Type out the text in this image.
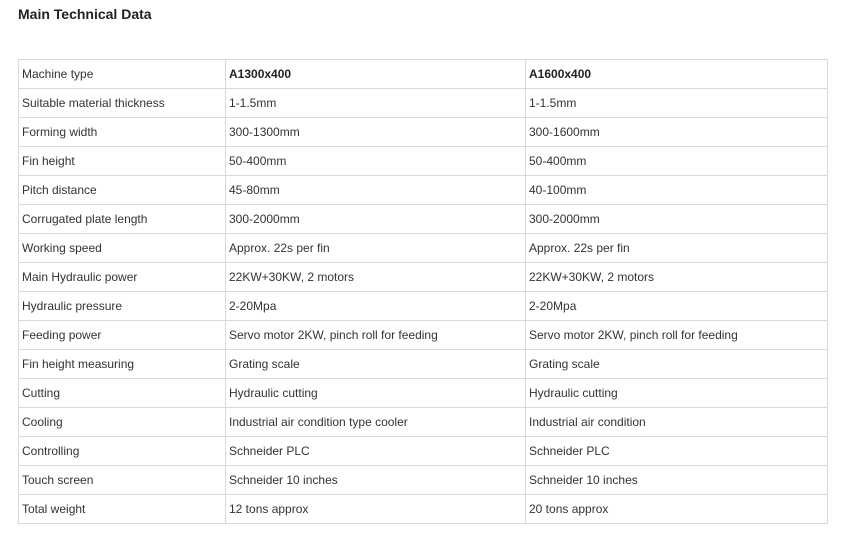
Main Technical Data
Machine type	A1300x400	A1600x400
Suitable material thickness	1-1.5mm	1-1.5mm
Forming width	300-1300mm	300-1600mm
Fin height	50-400mm	50-400mm
Pitch distance	45-80mm	40-100mm
Corrugated plate length	300-2000mm	300-2000mm
Working speed	Approx. 22s per fin	Approx. 22s per fin
Main Hydraulic power	22KW+30KW, 2 motors	22KW+30KW, 2 motors
Hydraulic pressure	2-20Mpa	2-20Mpa
Feeding power	Servo motor 2KW, pinch roll for feeding	Servo motor 2KW, pinch roll for feeding
Fin height measuring	Grating scale	Grating scale
Cutting	Hydraulic cutting	Hydraulic cutting
Cooling	Industrial air condition type cooler	Industrial air condition
Controlling	Schneider PLC	Schneider PLC
Touch screen	Schneider 10 inches	Schneider 10 inches
Total weight	12 tons approx	20 tons approx
